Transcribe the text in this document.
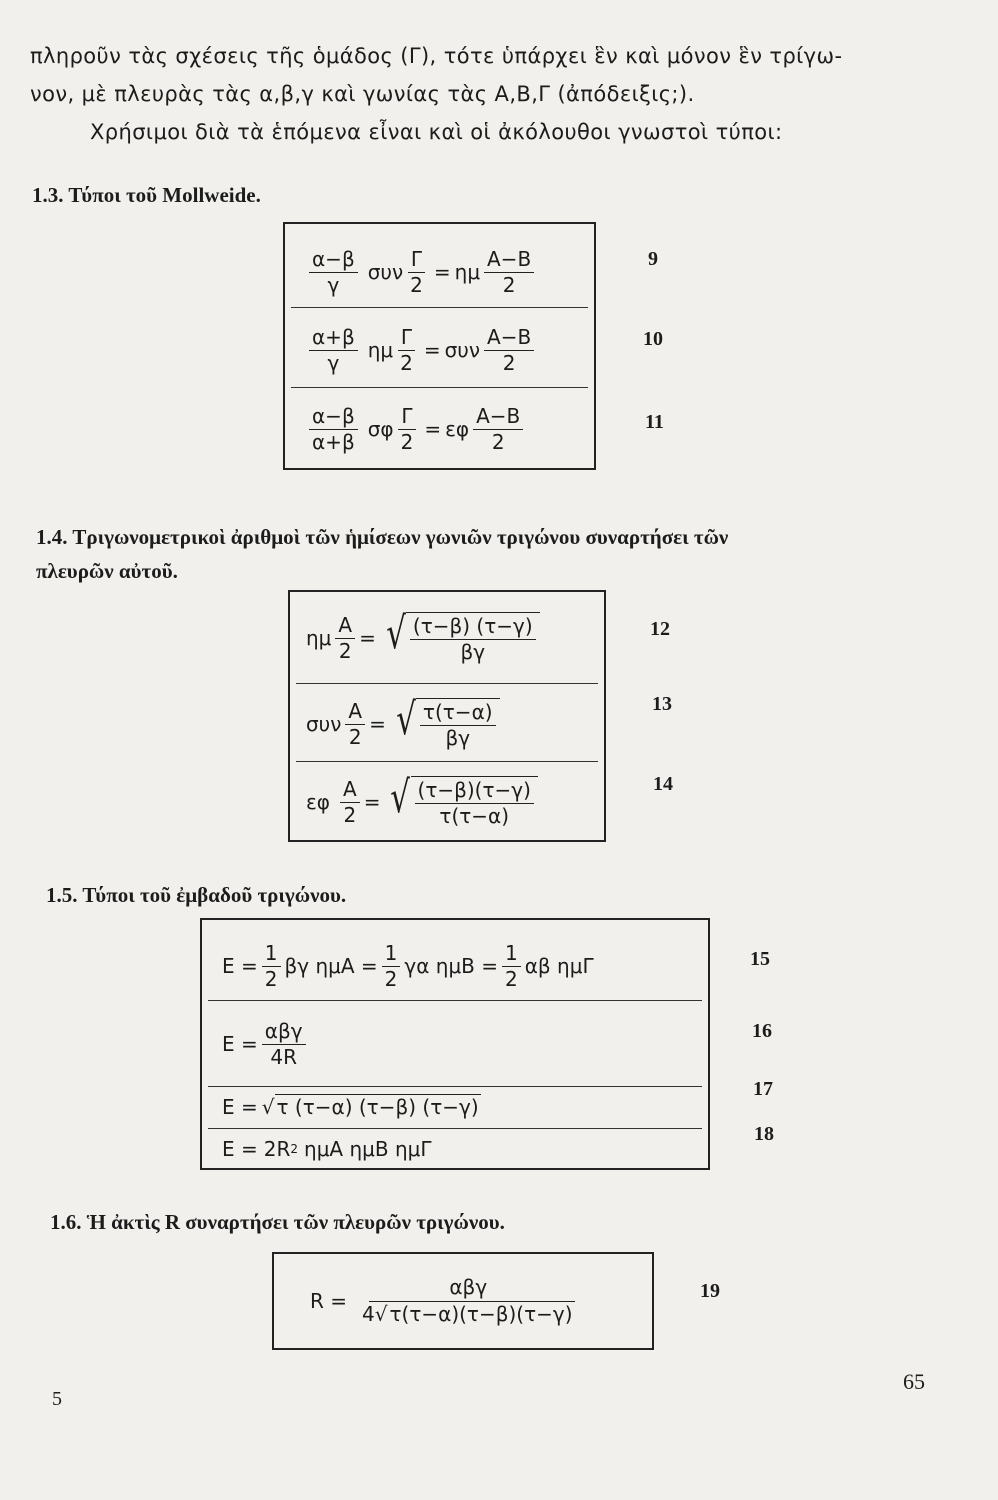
πληροῦν τὰς σχέσεις τῆς ὁμάδος (Γ), τότε ὑπάρχει ἓν καὶ μόνον ἓν τρίγω-
νον, μὲ πλευρὰς τὰς α,β,γ καὶ γωνίας τὰς Α,Β,Γ (ἀπόδειξις;).
Χρήσιμοι διὰ τὰ ἑπόμενα εἶναι καὶ οἱ ἀκόλουθοι γνωστοὶ τύποι:
1.3. Τύποι τοῦ Mollweide.
$\frac{\alpha-\beta}{\gamma}$ συν $\frac{\Gamma}{2} = \eta\mu \frac{A-B}{2}$
$\frac{\alpha+\beta}{\gamma}$ ημ $\frac{\Gamma}{2} = \sigma\upsilon\nu \frac{A-B}{2}$
$\frac{\alpha-\beta}{\alpha+\beta}$ σφ $\frac{\Gamma}{2} = \varepsilon\varphi \frac{A-B}{2}$
9
10
11
1.4. Τριγωνομετρικοὶ ἀριθμοὶ τῶν ἡμίσεων γωνιῶν τριγώνου συναρτήσει τῶν
πλευρῶν αὐτοῦ.
ημ $\frac{A}{2}$ = √ $\frac{(\tau-\beta) (\tau-\gamma)}{\beta\gamma}$
συν $\frac{A}{2}$ = √ $\frac{\tau(\tau-\alpha)}{\beta\gamma}$
εφ $\frac{A}{2}$ = √ $\frac{(\tau-\beta)(\tau-\gamma)}{\tau(\tau-\alpha)}$
12
13
14
1.5. Τύποι τοῦ ἐμβαδοῦ τριγώνου.
$E = \frac{1}{2}$ βγ $\eta\mu A = \frac{1}{2}$ γα $\eta\mu B = \frac{1}{2}$ αβ ημΓ
$E = \frac{\text{αβγ}}{4R}$
Ε = √ τ (τ−α) (τ−β) (τ−γ)
Ε = 2R 2 ημΑ ημΒ ημΓ
15
16
17
18
1.6. Ἡ ἀκτὶς R συναρτήσει τῶν πλευρῶν τριγώνου.
$R = \frac{\text{αβγ}}{4√ \tau(\tau-\alpha)(\tau-\beta)(\tau-\gamma)}$	19
5
65
